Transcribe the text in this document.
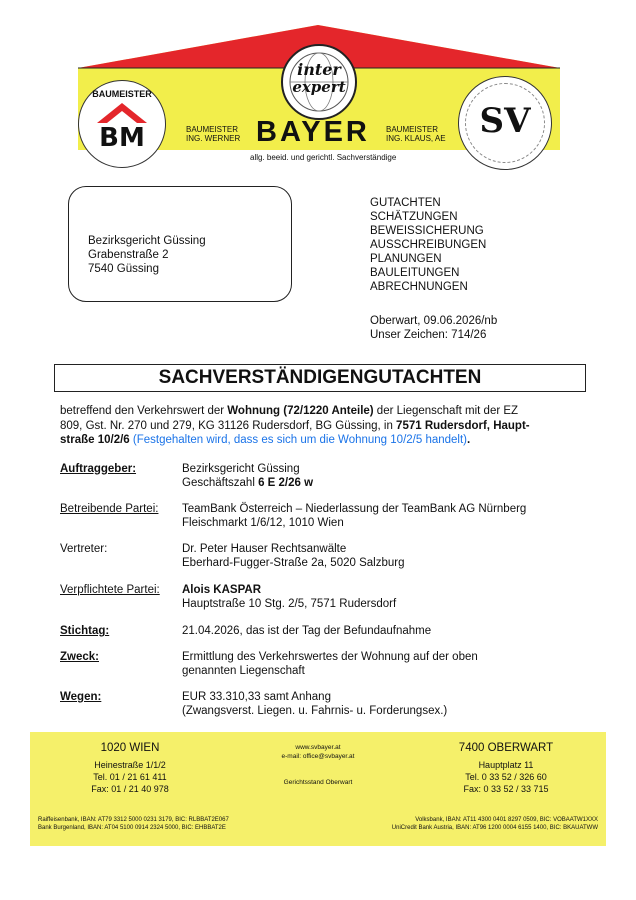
BAUMEISTER
BM
inter
expert
BAUMEISTER
ING. WERNER BAYER BAUMEISTER
ING. KLAUS, AE
allg. beeid. und gerichtl. Sachverständige
SV
Bezirksgericht Güssing
Grabenstraße 2
7540 Güssing
GUTACHTEN
SCHÄTZUNGEN
BEWEISSICHERUNG
AUSSCHREIBUNGEN
PLANUNGEN
BAULEITUNGEN
ABRECHNUNGEN
Oberwart, 09.06.2026/nb
Unser Zeichen: 714/26
SACHVERSTÄNDIGENGUTACHTEN
betreffend den Verkehrswert der Wohnung (72/1220 Anteile) der Liegenschaft mit der EZ
809, Gst. Nr. 270 und 279, KG 31126 Rudersdorf, BG Güssing, in 7571 Rudersdorf, Haupt-
straße 10/2/6 (Festgehalten wird, dass es sich um die Wohnung 10/2/5 handelt).
Auftraggeber:	Bezirksgericht Güssing
Geschäftszahl 6 E 2/26 w
Betreibende Partei: TeamBank Österreich – Niederlassung der TeamBank AG Nürnberg
Fleischmarkt 1/6/12, 1010 Wien
Vertreter:	Dr. Peter Hauser Rechtsanwälte
Eberhard-Fugger-Straße 2a, 5020 Salzburg
Verpflichtete Partei: Alois KASPAR
Hauptstraße 10 Stg. 2/5, 7571 Rudersdorf
Stichtag:	21.04.2026, das ist der Tag der Befundaufnahme
Zweck:	Ermittlung des Verkehrswertes der Wohnung auf der oben
genannten Liegenschaft
Wegen:	EUR 33.310,33 samt Anhang
(Zwangsverst. Liegen. u. Fahrnis- u. Forderungsex.)
1020 WIEN
Heinestraße 1/1/2
Tel. 01 / 21 61 411
Fax: 01 / 21 40 978
www.svbayer.at
e-mail: office@svbayer.at
Gerichtsstand Oberwart
7400 OBERWART
Hauptplatz 11
Tel. 0 33 52 / 326 60
Fax: 0 33 52 / 33 715
Raiffeisenbank, IBAN: AT79 3312 5000 0231 3179, BIC: RLBBAT2E067
Bank Burgenland, IBAN: AT04 5100 0914 2324 5000, BIC: EHBBAT2E
Volksbank, IBAN: AT11 4300 0401 8297 0509, BIC: VOBAATW1XXX
UniCredit Bank Austria, IBAN: AT96 1200 0004 6155 1400, BIC: BKAUATWW
